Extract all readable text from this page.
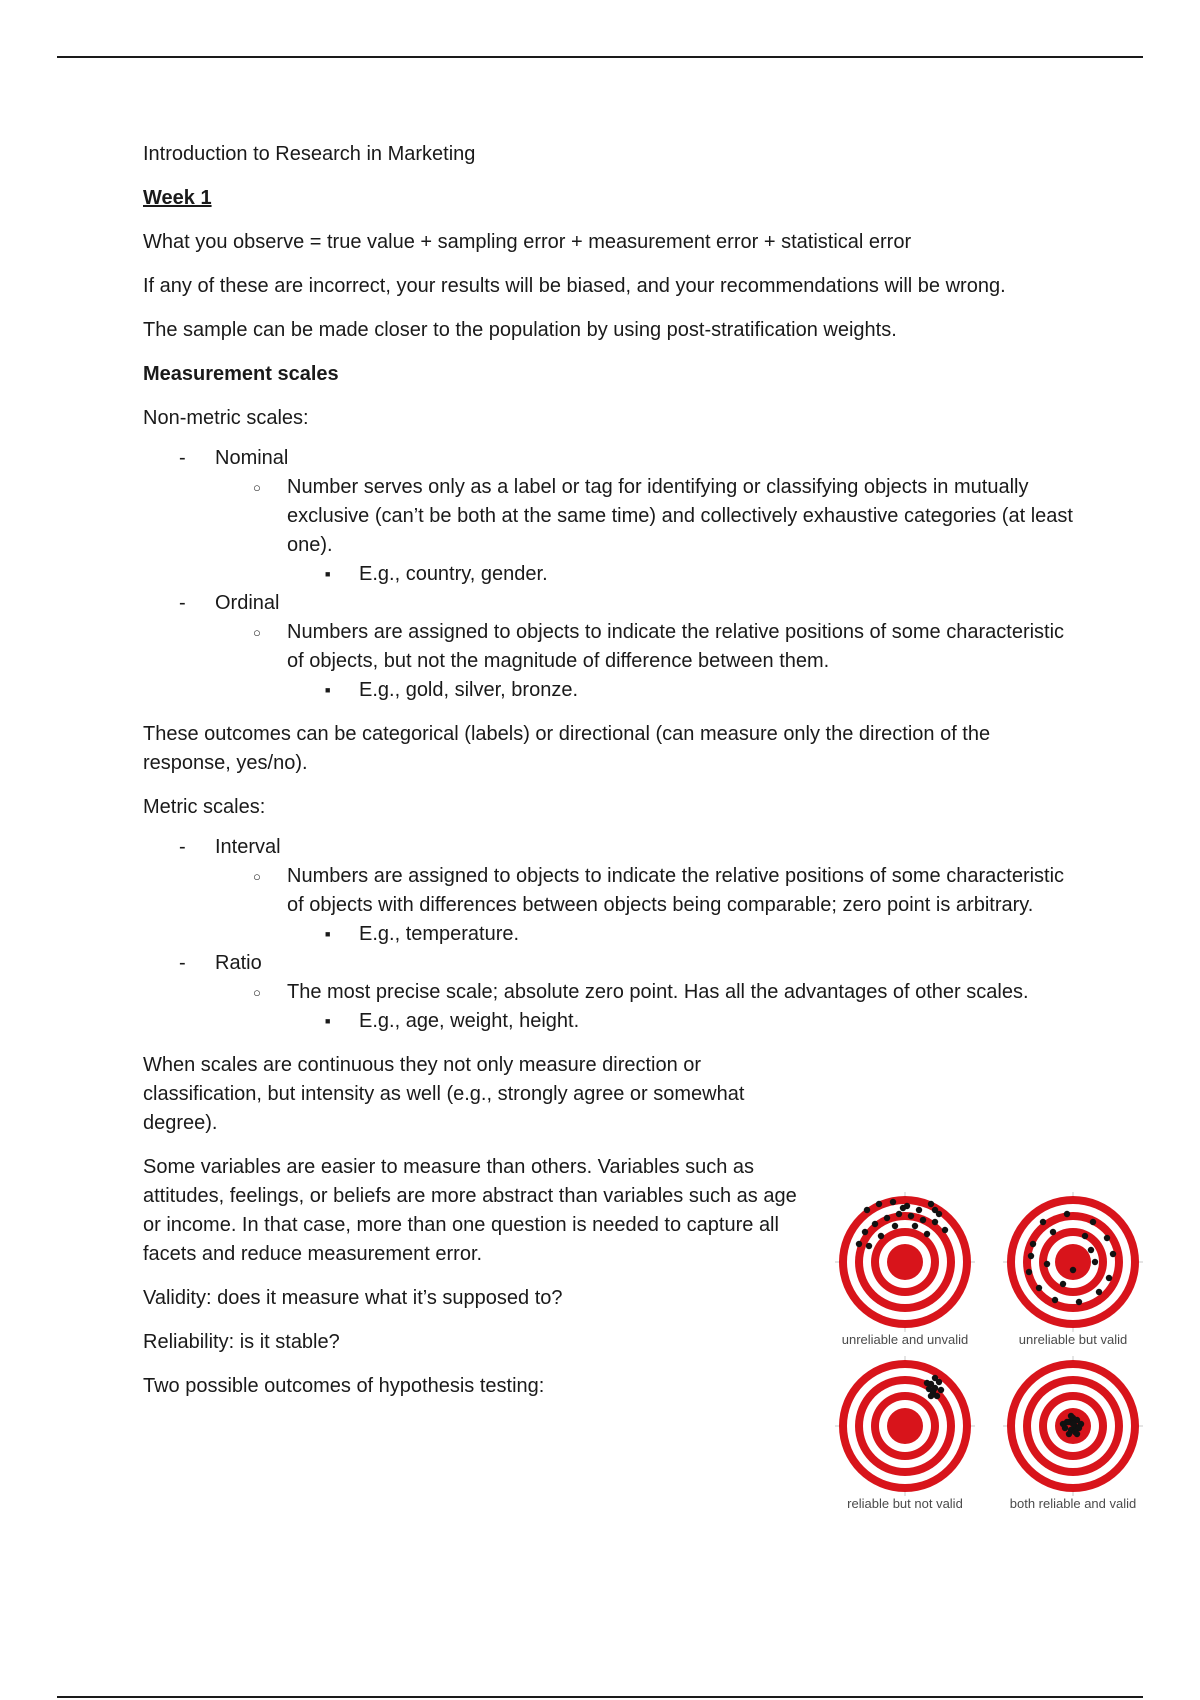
Introduction to Research in Marketing

Week 1

What you observe = true value + sampling error + measurement error + statistical error

If any of these are incorrect, your results will be biased, and your recommendations will be wrong.

The sample can be made closer to the population by using post-stratification weights.

Measurement scales

Non-metric scales:

- Nominal
○ Number serves only as a label or tag for identifying or classifying objects in mutually exclusive (can’t be both at the same time) and collectively exhaustive categories (at least one).
■ E.g., country, gender.
- Ordinal
○ Numbers are assigned to objects to indicate the relative positions of some characteristic of objects, but not the magnitude of difference between them.
■ E.g., gold, silver, bronze.

These outcomes can be categorical (labels) or directional (can measure only the direction of the response, yes/no).

Metric scales:

- Interval
○ Numbers are assigned to objects to indicate the relative positions of some characteristic of objects with differences between objects being comparable; zero point is arbitrary.
■ E.g., temperature.
- Ratio
○ The most precise scale; absolute zero point. Has all the advantages of other scales.
■ E.g., age, weight, height.

When scales are continuous they not only measure direction or classification, but intensity as well (e.g., strongly agree or somewhat degree).

Some variables are easier to measure than others. Variables such as attitudes, feelings, or beliefs are more abstract than variables such as age or income. In that case, more than one question is needed to capture all facets and reduce measurement error.

Validity: does it measure what it’s supposed to?

Reliability: is it stable?

Two possible outcomes of hypothesis testing:

unreliable and unvalid	unreliable but valid
reliable but not valid	both reliable and valid
